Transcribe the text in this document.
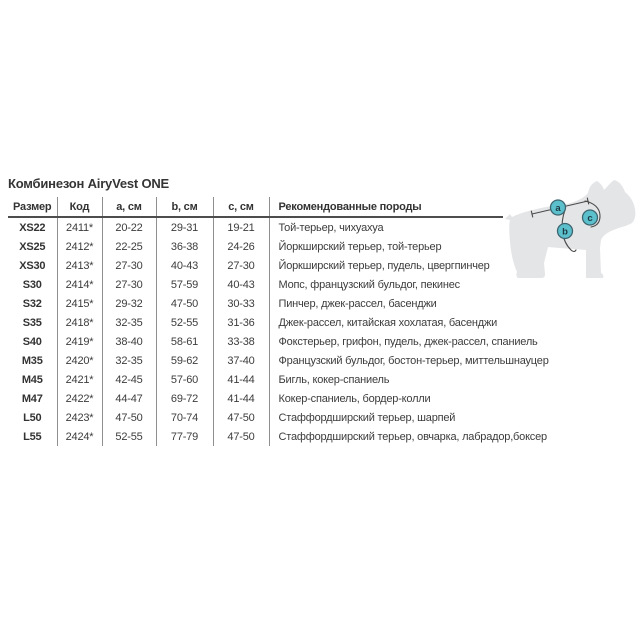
Комбинезон AiryVest ONE
Размер	Код	a, см	b, см	c, см	Рекомендованные породы
XS22	2411*	20-22	29-31	19-21	Той-терьер, чихуахуа
XS25	2412*	22-25	36-38	24-26	Йоркширский терьер, той-терьер
XS30	2413*	27-30	40-43	27-30	Йоркширский терьер, пудель, цвергпинчер
S30	2414*	27-30	57-59	40-43	Мопс, французский бульдог, пекинес
S32	2415*	29-32	47-50	30-33	Пинчер, джек-рассел, басенджи
S35	2418*	32-35	52-55	31-36	Джек-рассел, китайская хохлатая, басенджи
S40	2419*	38-40	58-61	33-38	Фокстерьер, грифон, пудель, джек-рассел, спаниель
M35	2420*	32-35	59-62	37-40	Французский бульдог, бостон-терьер, миттельшнауцер
M45	2421*	42-45	57-60	41-44	Бигль, кокер-спаниель
M47	2422*	44-47	69-72	41-44	Кокер-спаниель, бордер-колли
L50	2423*	47-50	70-74	47-50	Стаффордширский терьер, шарпей
L55	2424*	52-55	77-79	47-50	Стаффордширский терьер, овчарка, лабрадор,боксер
a
b
c
